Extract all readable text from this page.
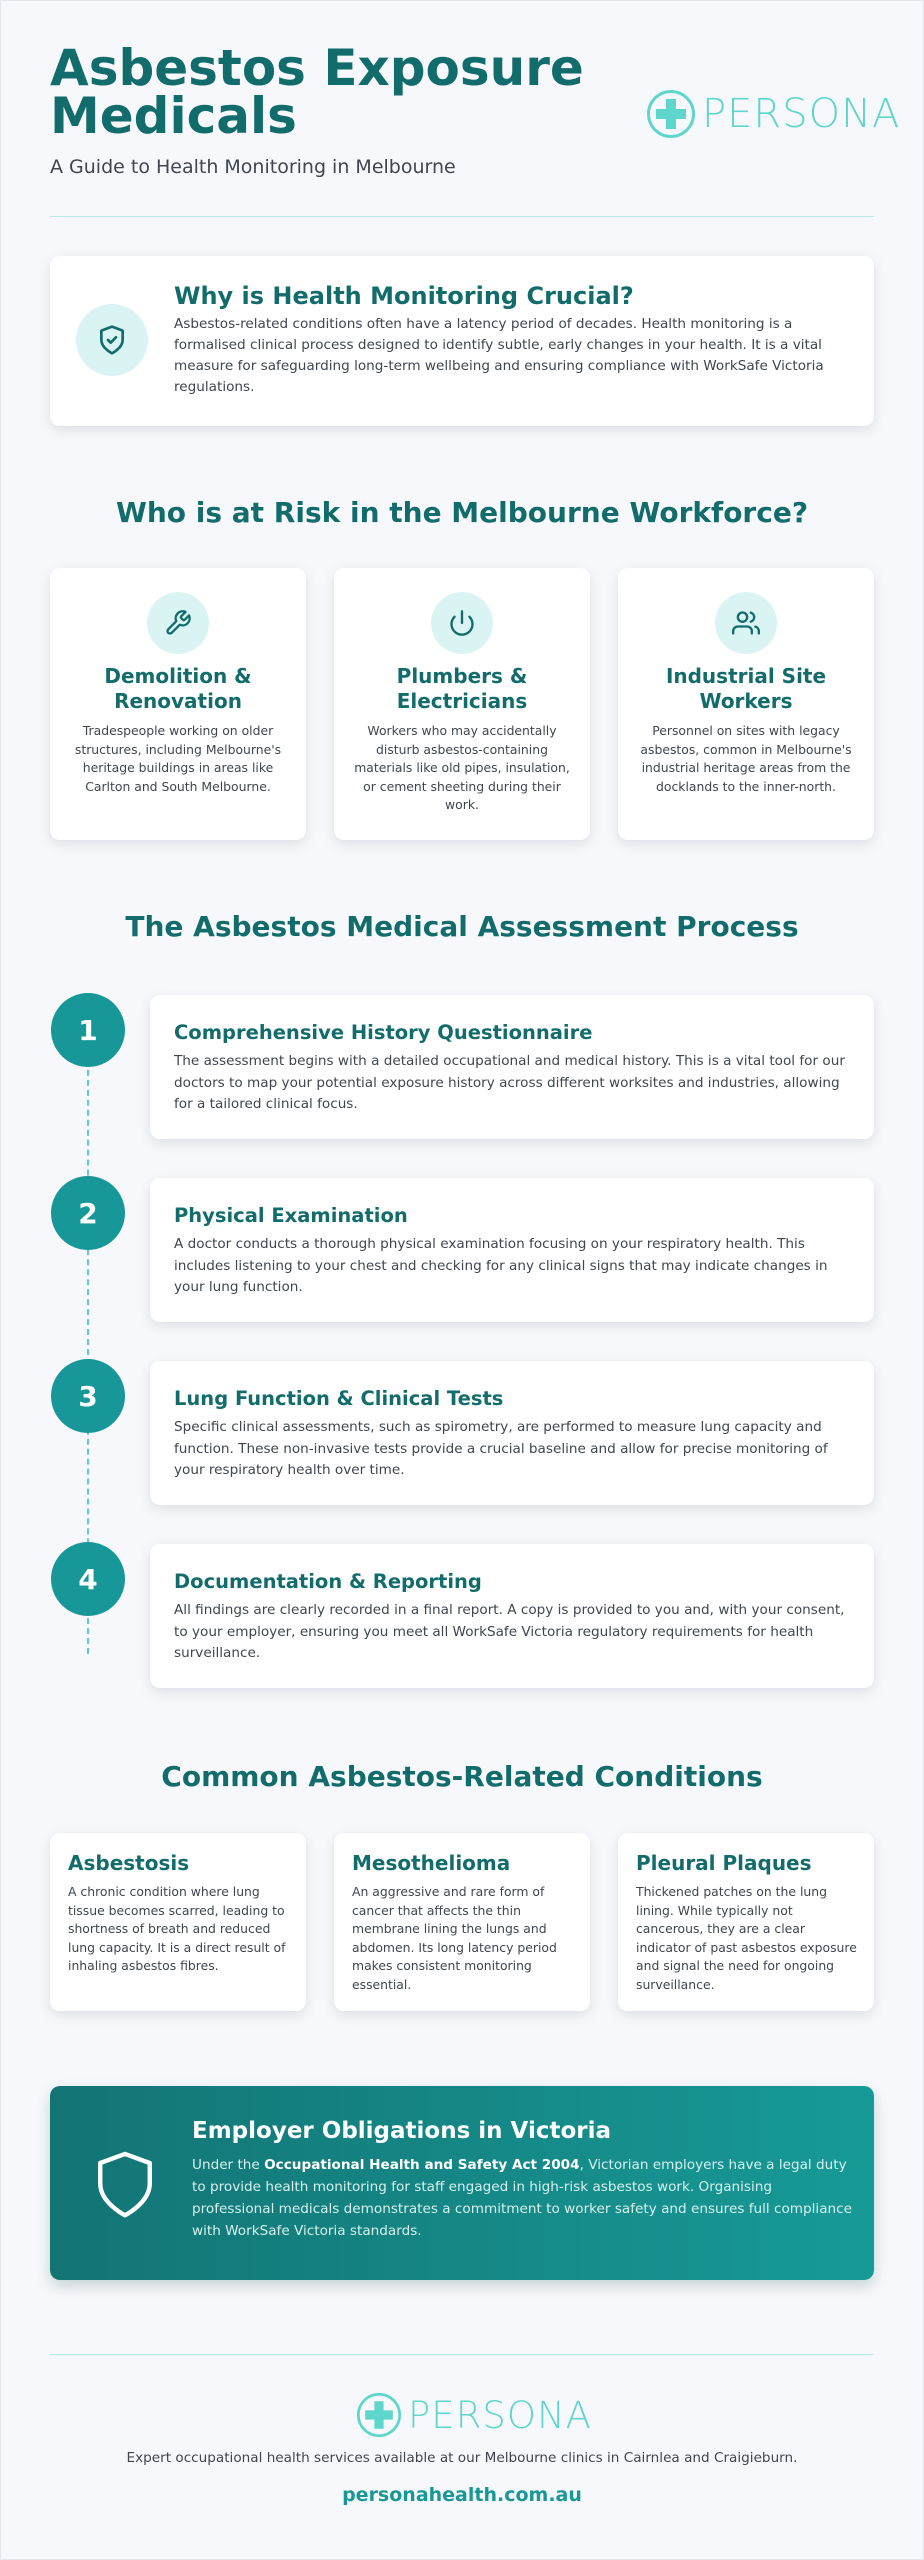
Asbestos Exposure Medicals
A Guide to Health Monitoring in Melbourne
PERSONA
Why is Health Monitoring Crucial?
Asbestos-related conditions often have a latency period of decades. Health monitoring is a formalised clinical process designed to identify subtle, early changes in your health. It is a vital measure for safeguarding long-term wellbeing and ensuring compliance with WorkSafe Victoria regulations.
Who is at Risk in the Melbourne Workforce?
Demolition & Renovation
Tradespeople working on older structures, including Melbourne's heritage buildings in areas like Carlton and South Melbourne.
Plumbers & Electricians
Workers who may accidentally disturb asbestos-containing materials like old pipes, insulation, or cement sheeting during their work.
Industrial Site Workers
Personnel on sites with legacy asbestos, common in Melbourne's industrial heritage areas from the docklands to the inner-north.
The Asbestos Medical Assessment Process
1	Comprehensive History Questionnaire
The assessment begins with a detailed occupational and medical history. This is a vital tool for our doctors to map your potential exposure history across different worksites and industries, allowing for a tailored clinical focus.
2	Physical Examination
A doctor conducts a thorough physical examination focusing on your respiratory health. This includes listening to your chest and checking for any clinical signs that may indicate changes in your lung function.
3	Lung Function & Clinical Tests
Specific clinical assessments, such as spirometry, are performed to measure lung capacity and function. These non-invasive tests provide a crucial baseline and allow for precise monitoring of your respiratory health over time.
4	Documentation & Reporting
All findings are clearly recorded in a final report. A copy is provided to you and, with your consent, to your employer, ensuring you meet all WorkSafe Victoria regulatory requirements for health surveillance.
Common Asbestos-Related Conditions
Asbestosis
A chronic condition where lung tissue becomes scarred, leading to shortness of breath and reduced lung capacity. It is a direct result of inhaling asbestos fibres.
Mesothelioma
An aggressive and rare form of cancer that affects the thin membrane lining the lungs and abdomen. Its long latency period makes consistent monitoring essential.
Pleural Plaques
Thickened patches on the lung lining. While typically not cancerous, they are a clear indicator of past asbestos exposure and signal the need for ongoing surveillance.
Employer Obligations in Victoria
Under the Occupational Health and Safety Act 2004, Victorian employers have a legal duty to provide health monitoring for staff engaged in high-risk asbestos work. Organising professional medicals demonstrates a commitment to worker safety and ensures full compliance with WorkSafe Victoria standards.
PERSONA
Expert occupational health services available at our Melbourne clinics in Cairnlea and Craigieburn.
personahealth.com.au
